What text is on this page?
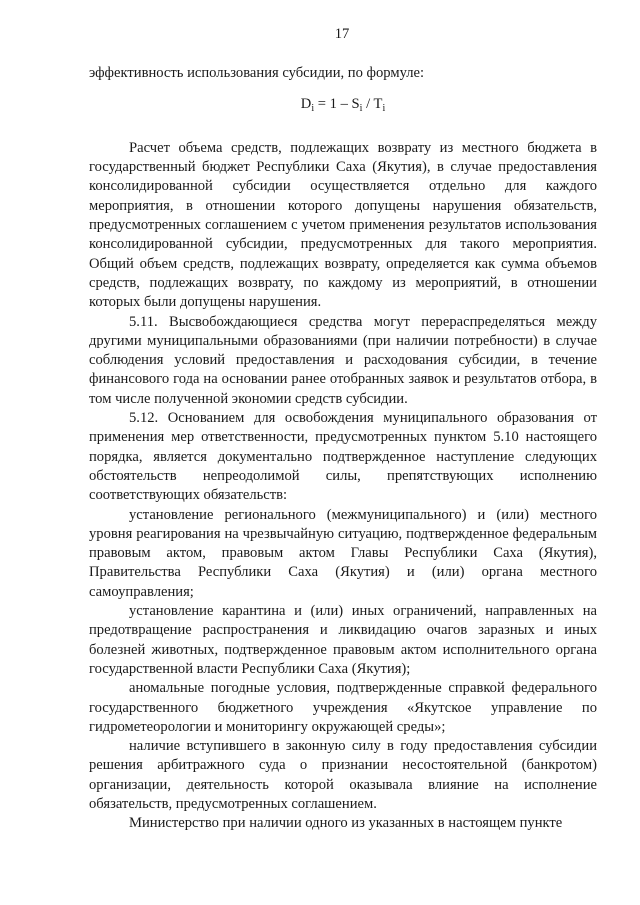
17

эффективность использования субсидии, по формуле:

$D_i = 1 - S_i / T_i$

Расчет объема средств, подлежащих возврату из местного бюджета в государственный бюджет Республики Саха (Якутия), в случае предоставления консолидированной субсидии осуществляется отдельно для каждого мероприятия, в отношении которого допущены нарушения обязательств, предусмотренных соглашением с учетом применения результатов использования консолидированной субсидии, предусмотренных для такого мероприятия. Общий объем средств, подлежащих возврату, определяется как сумма объемов средств, подлежащих возврату, по каждому из мероприятий, в отношении которых были допущены нарушения.

5.11. Высвобождающиеся средства могут перераспределяться между другими муниципальными образованиями (при наличии потребности) в случае соблюдения условий предоставления и расходования субсидии, в течение финансового года на основании ранее отобранных заявок и результатов отбора, в том числе полученной экономии средств субсидии.

5.12. Основанием для освобождения муниципального образования от применения мер ответственности, предусмотренных пунктом 5.10 настоящего порядка, является документально подтвержденное наступление следующих обстоятельств непреодолимой силы, препятствующих исполнению соответствующих обязательств:

установление регионального (межмуниципального) и (или) местного уровня реагирования на чрезвычайную ситуацию, подтвержденное федеральным правовым актом, правовым актом Главы Республики Саха (Якутия), Правительства Республики Саха (Якутия) и (или) органа местного самоуправления;

установление карантина и (или) иных ограничений, направленных на предотвращение распространения и ликвидацию очагов заразных и иных болезней животных, подтвержденное правовым актом исполнительного органа государственной власти Республики Саха (Якутия);

аномальные погодные условия, подтвержденные справкой федерального государственного бюджетного учреждения «Якутское управление по гидрометеорологии и мониторингу окружающей среды»;

наличие вступившего в законную силу в году предоставления субсидии решения арбитражного суда о признании несостоятельной (банкротом) организации, деятельность которой оказывала влияние на исполнение обязательств, предусмотренных соглашением.

Министерство при наличии одного из указанных в настоящем пункте
